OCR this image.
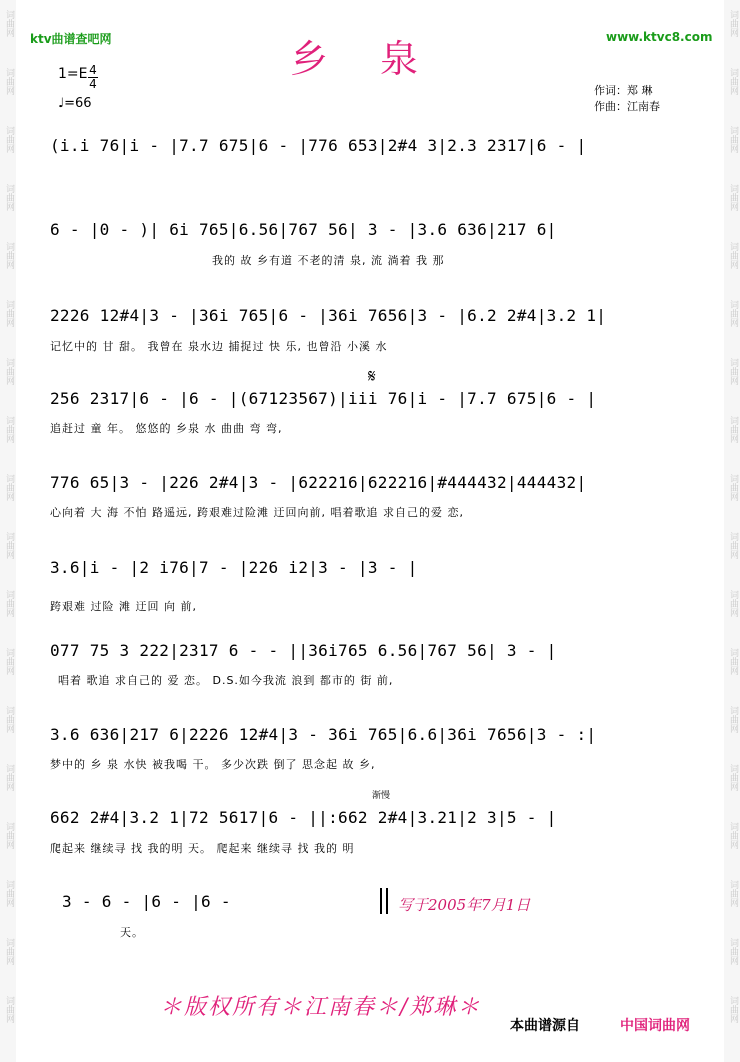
词曲网
词曲网
词曲网
词曲网
词曲网
词曲网
词曲网
词曲网
词曲网
词曲网
词曲网
词曲网
词曲网
词曲网
词曲网
词曲网
词曲网
词曲网
词曲网
词曲网
词曲网
词曲网
词曲网
词曲网
词曲网
词曲网
词曲网
词曲网
词曲网
词曲网
词曲网
词曲网
词曲网
词曲网
词曲网
词曲网
ktv曲谱查吧网	www.ktvc8.com
乡泉
1=E 4
4
♩=66
作词：郑 琳
作曲：江南春
(i.i 76|i - |7.7 675|6 - |776 653|2#4 3|2.3 2317|6 - |
6 - |0 - )| 6i 765|6.56|767 56| 3 - |3.6 636|217 6|
我的 故 乡有道 不老的清 泉, 流 淌着 我 那
2226 12#4|3 - |36i 765|6 - |36i 7656|3 - |6.2 2#4|3.2 1|
记忆中的 甘 甜。 我曾在 泉水边 捕捉过 快 乐, 也曾沿 小溪 水
𝄋
256 2317|6 - |6 - |(67123567)|iii 76|i - |7.7 675|6 - |
追赶过 童 年。 悠悠的 乡泉 水 曲曲 弯 弯,
776 65|3 - |226 2#4|3 - |622216|622216|#444432|444432|
心向着 大 海 不怕 路遥远, 跨艰难过险滩 迂回向前, 唱着歌追 求自己的爱 恋,
3.6|i - |2 i76|7 - |226 i2|3 - |3 - |
跨艰难 过险 滩 迂回 向 前,
077 75 3 222|2317 6 - - ||36i765 6.56|767 56| 3 - |
唱着 歌追 求自己的 爱 恋。 D.S.如今我流 浪到 都市的 街 前,
3.6 636|217 6|2226 12#4|3 - 36i 765|6.6|36i 7656|3 - :|
梦中的 乡 泉 水快 被我喝 干。 多少次跌 倒了 思念起 故 乡,
渐慢
662 2#4|3.2 1|72 5617|6 - ||:662 2#4|3.21|2 3|5 - |
爬起来 继续寻 找 我的明 天。 爬起来 继续寻 找 我的 明
3 - 6 - |6 - |6 -
天。
写于2005年7月1日
＊版权所有＊江南春＊/郑琳＊
本曲谱源自	中国词曲网
